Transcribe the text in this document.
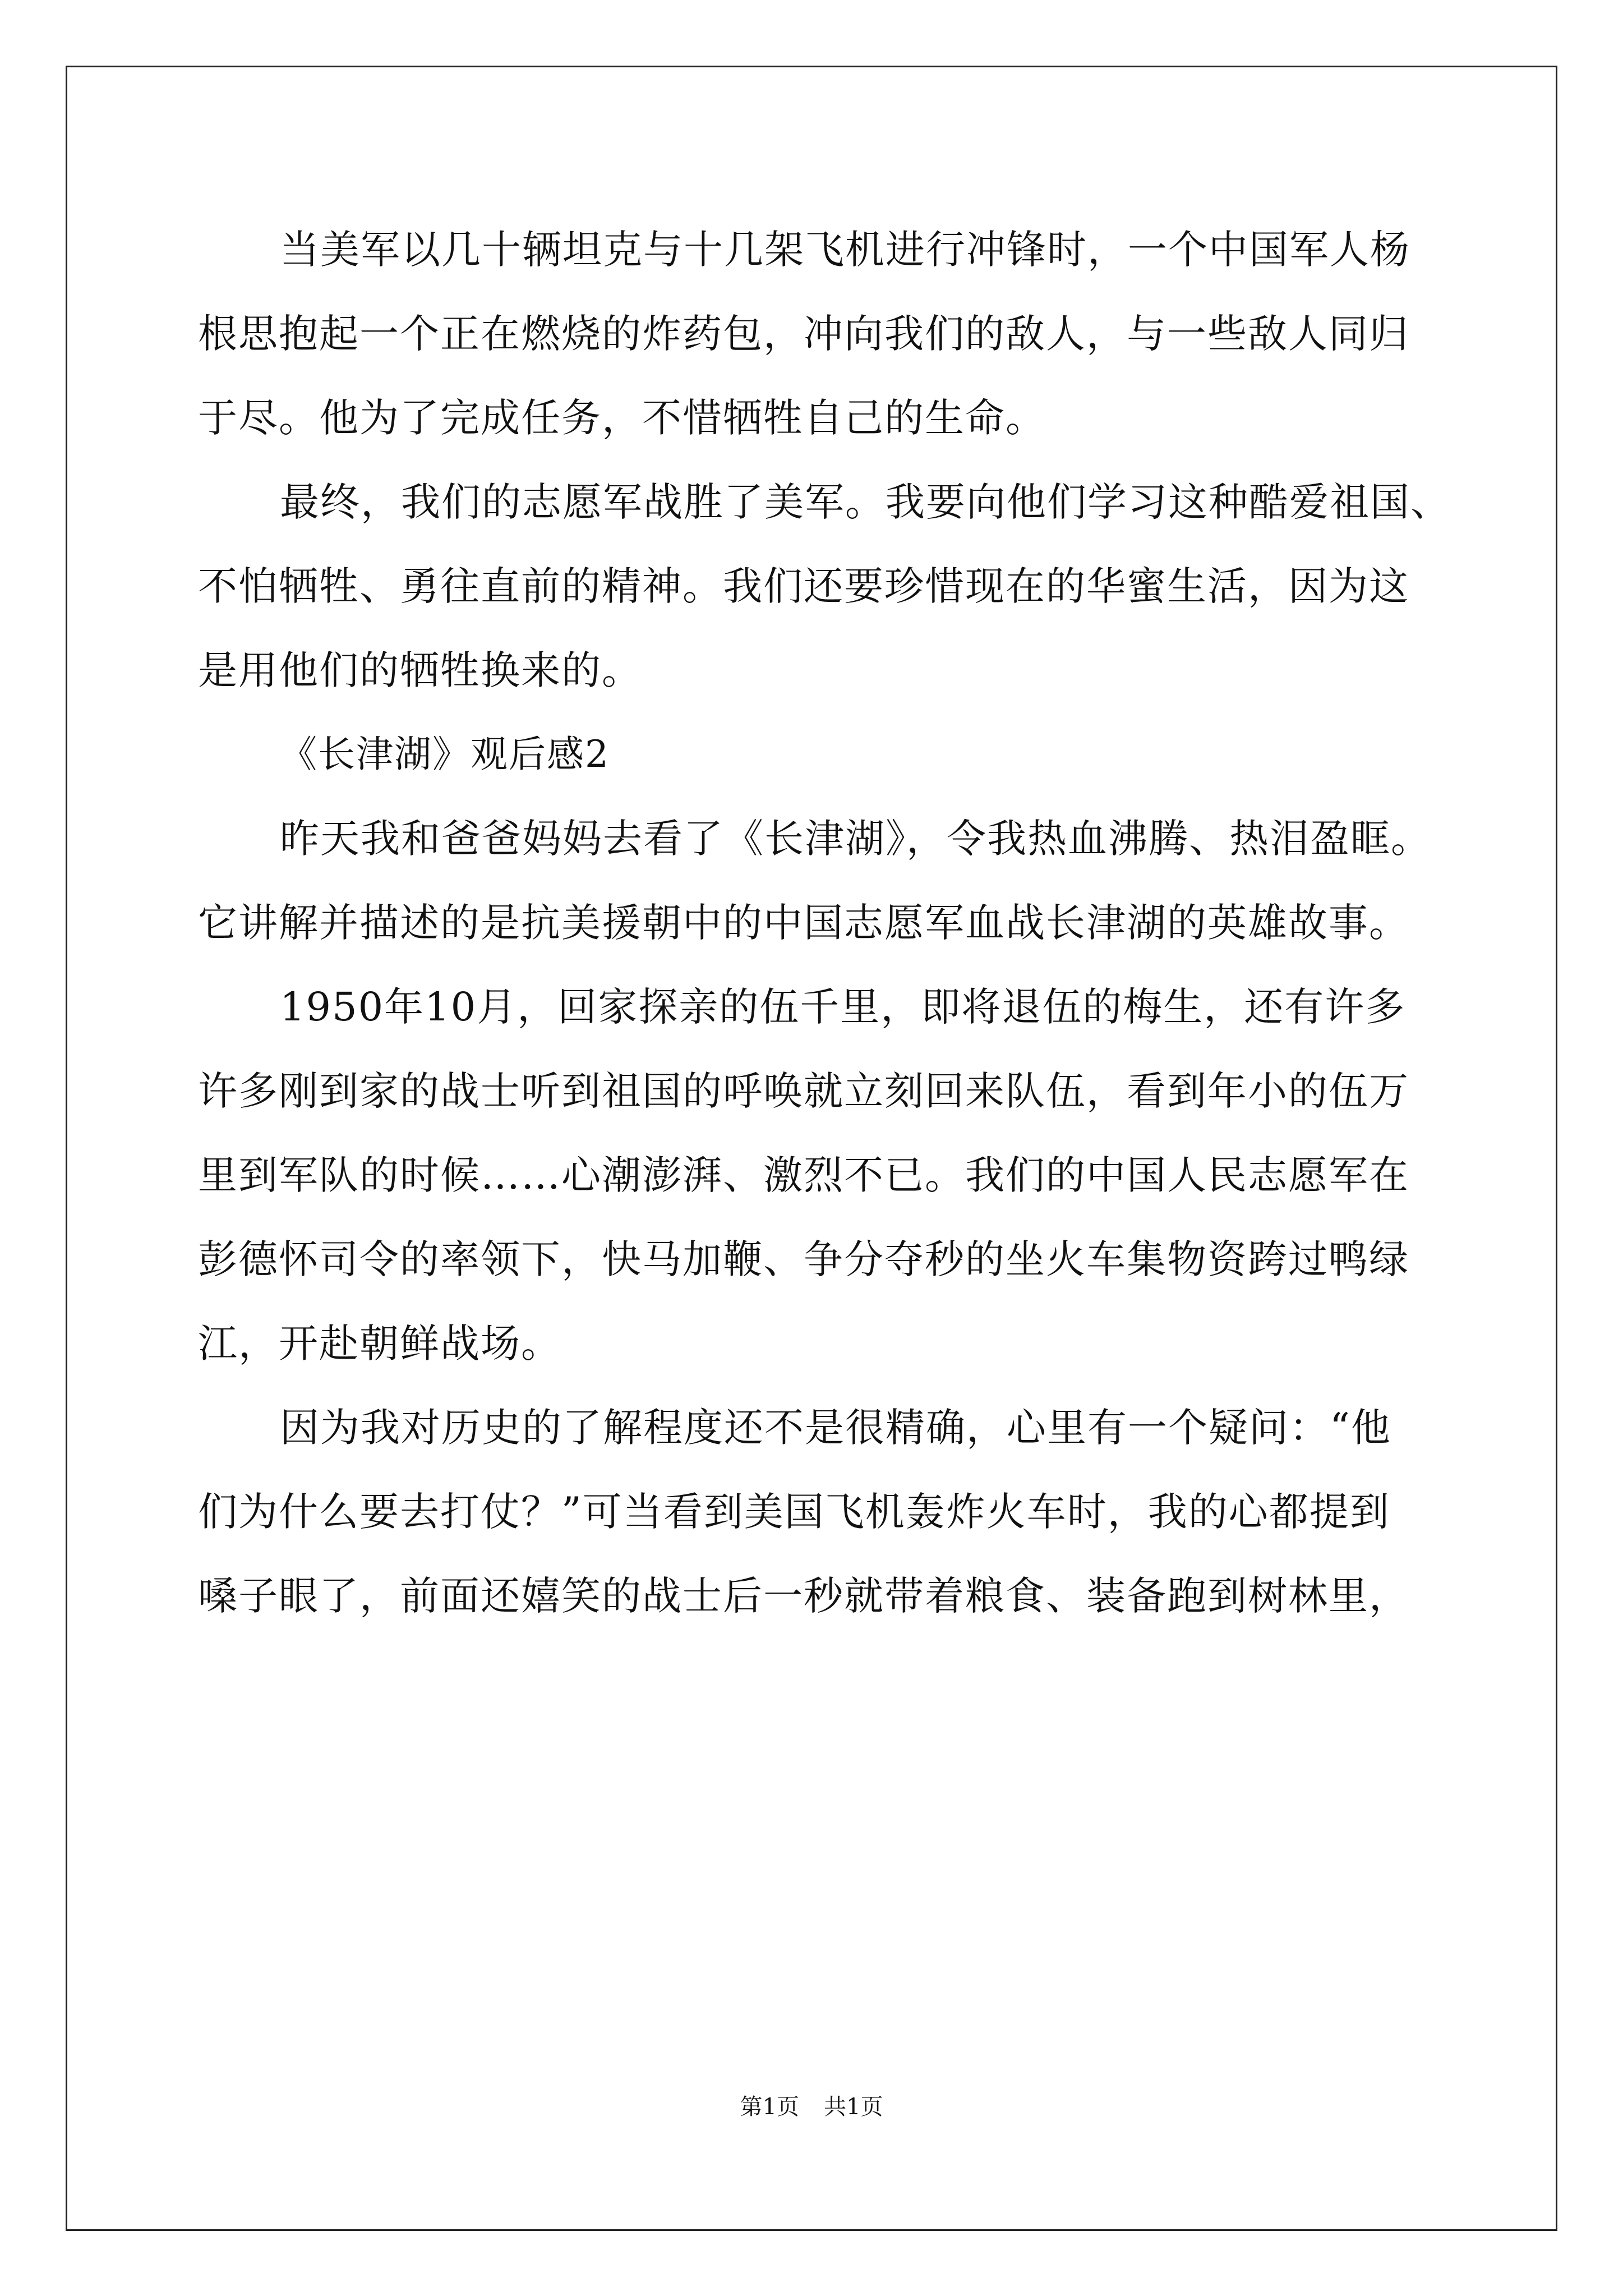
当美军以几十辆坦克与十几架飞机进行冲锋时，一个中国军人杨
根思抱起一个正在燃烧的炸药包，冲向我们的敌人，与一些敌人同归
于尽。他为了完成任务，不惜牺牲自己的生命。
最终，我们的志愿军战胜了美军。我要向他们学习这种酷爱祖国、
不怕牺牲、勇往直前的精神。我们还要珍惜现在的华蜜生活，因为这
是用他们的牺牲换来的。
《长津湖》观后感2
昨天我和爸爸妈妈去看了《长津湖》，令我热血沸腾、热泪盈眶。
它讲解并描述的是抗美援朝中的中国志愿军血战长津湖的英雄故事。
1950年10月，回家探亲的伍千里，即将退伍的梅生，还有许多
许多刚到家的战士听到祖国的呼唤就立刻回来队伍，看到年小的伍万
里到军队的时候……心潮澎湃、激烈不已。我们的中国人民志愿军在
彭德怀司令的率领下，快马加鞭、争分夺秒的坐火车集物资跨过鸭绿
江，开赴朝鲜战场。
因为我对历史的了解程度还不是很精确，心里有一个疑问：“他
们为什么要去打仗？”可当看到美国飞机轰炸火车时，我的心都提到
嗓子眼了，前面还嬉笑的战士后一秒就带着粮食、装备跑到树林里，
第1页 共1页
